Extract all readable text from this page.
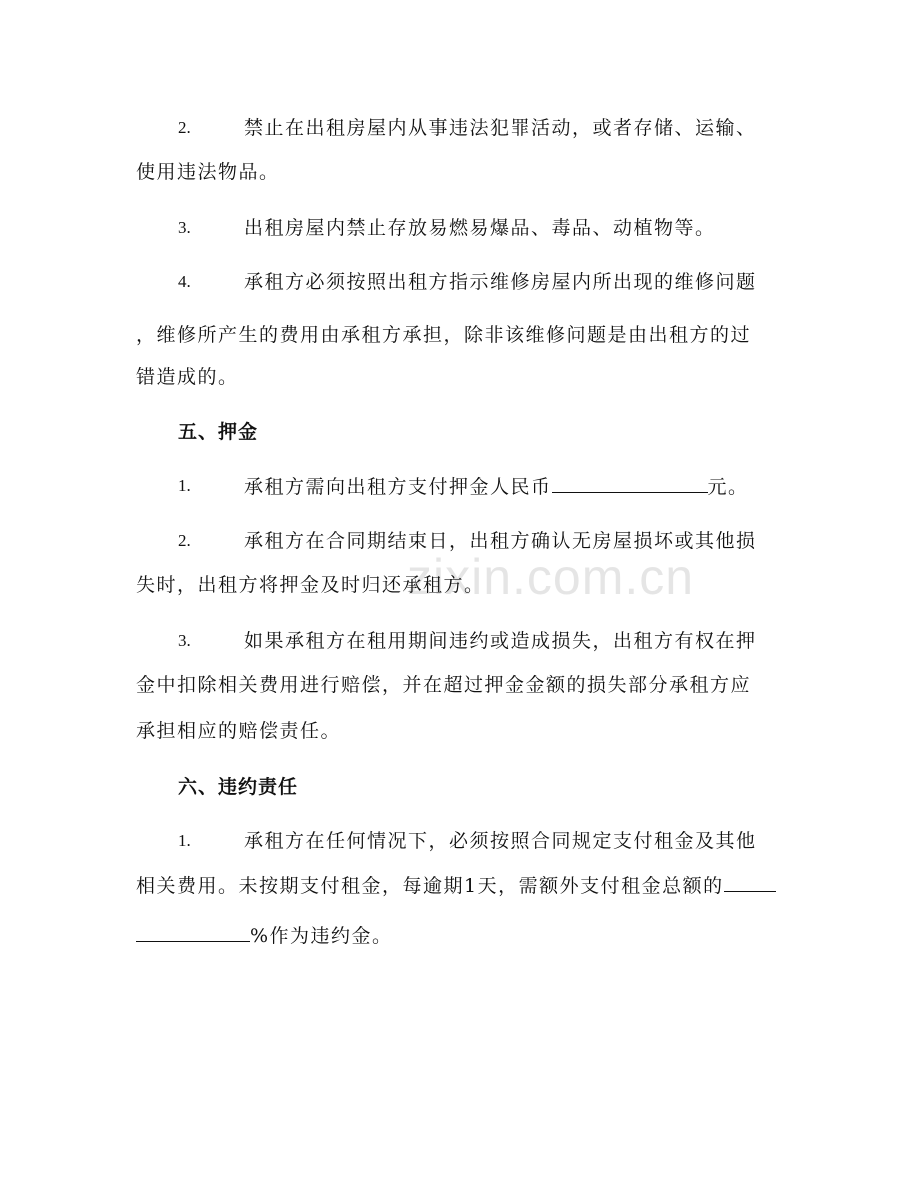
zixin.com.cn
2.	禁止在出租房屋内从事违法犯罪活动，或者存储、运输、
使用违法物品。
3.	出租房屋内禁止存放易燃易爆品、毒品、动植物等。
4.	承租方必须按照出租方指示维修房屋内所出现的维修问题
，维修所产生的费用由承租方承担，除非该维修问题是由出租方的过
错造成的。
五、押金
1.	承租方需向出租方支付押金人民币	元。
2.	承租方在合同期结束日，出租方确认无房屋损坏或其他损
失时，出租方将押金及时归还承租方。
3.	如果承租方在租用期间违约或造成损失，出租方有权在押
金中扣除相关费用进行赔偿，并在超过押金金额的损失部分承租方应
承担相应的赔偿责任。
六、违约责任
1.	承租方在任何情况下，必须按照合同规定支付租金及其他
相关费用。未按期支付租金，每逾期1天，需额外支付租金总额的
%作为违约金。
